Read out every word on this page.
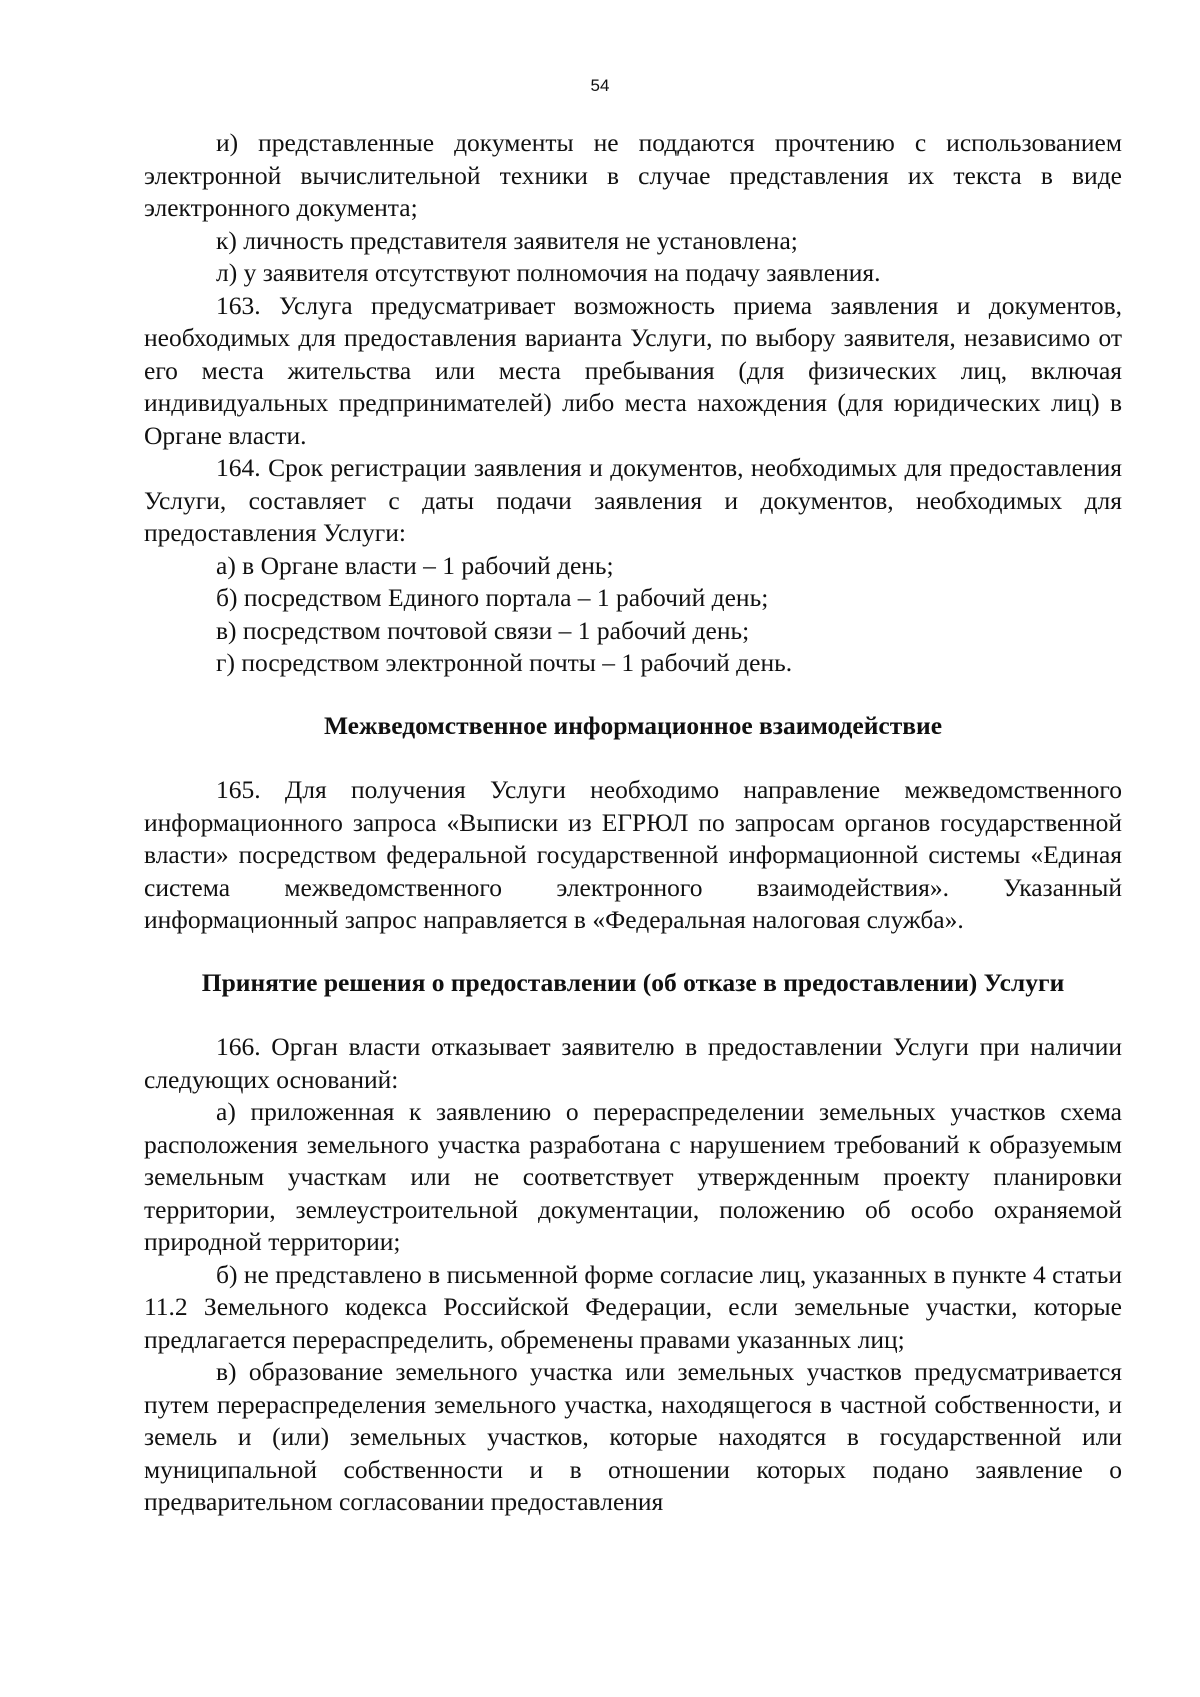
54

и) представленные документы не поддаются прочтению с использованием электронной вычислительной техники в случае представления их текста в виде электронного документа;

к) личность представителя заявителя не установлена;

л) у заявителя отсутствуют полномочия на подачу заявления.

163. Услуга предусматривает возможность приема заявления и документов, необходимых для предоставления варианта Услуги, по выбору заявителя, независимо от его места жительства или места пребывания (для физических лиц, включая индивидуальных предпринимателей) либо места нахождения (для юридических лиц) в Органе власти.

164. Срок регистрации заявления и документов, необходимых для предоставления Услуги, составляет с даты подачи заявления и документов, необходимых для предоставления Услуги:

а) в Органе власти – 1 рабочий день;

б) посредством Единого портала – 1 рабочий день;

в) посредством почтовой связи – 1 рабочий день;

г) посредством электронной почты – 1 рабочий день.

Межведомственное информационное взаимодействие

165. Для получения Услуги необходимо направление межведомственного информационного запроса «Выписки из ЕГРЮЛ по запросам органов государственной власти» посредством федеральной государственной информационной системы «Единая система межведомственного электронного взаимодействия». Указанный информационный запрос направляется в «Федеральная налоговая служба».

Принятие решения о предоставлении (об отказе в предоставлении) Услуги

166. Орган власти отказывает заявителю в предоставлении Услуги при наличии следующих оснований:

а) приложенная к заявлению о перераспределении земельных участков схема расположения земельного участка разработана с нарушением требований к образуемым земельным участкам или не соответствует утвержденным проекту планировки территории, землеустроительной документации, положению об особо охраняемой природной территории;

б) не представлено в письменной форме согласие лиц, указанных в пункте 4 статьи 11.2 Земельного кодекса Российской Федерации, если земельные участки, которые предлагается перераспределить, обременены правами указанных лиц;

в) образование земельного участка или земельных участков предусматривается путем перераспределения земельного участка, находящегося в частной собственности, и земель и (или) земельных участков, которые находятся в государственной или муниципальной собственности и в отношении которых подано заявление о предварительном согласовании предоставления
